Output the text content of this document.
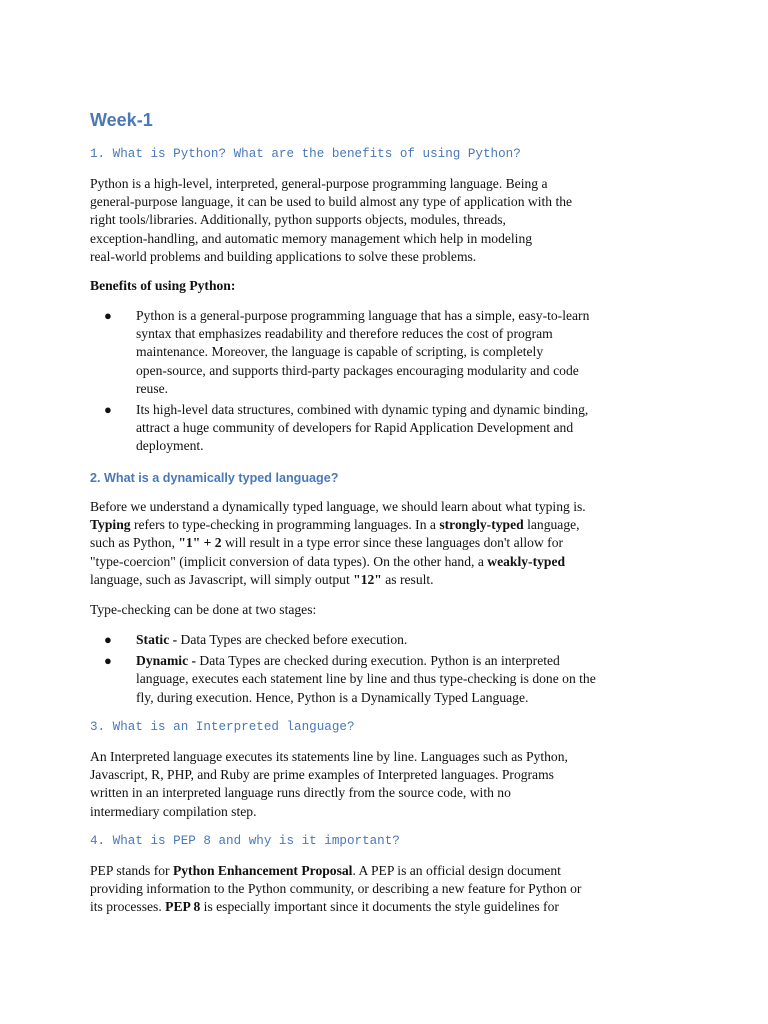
Week-1

1. What is Python? What are the benefits of using Python?

Python is a high-level, interpreted, general-purpose programming language. Being a
general-purpose language, it can be used to build almost any type of application with the
right tools/libraries. Additionally, python supports objects, modules, threads,
exception-handling, and automatic memory management which help in modeling
real-world problems and building applications to solve these problems.
Benefits of using Python:
● Python is a general-purpose programming language that has a simple, easy-to-learn
syntax that emphasizes readability and therefore reduces the cost of program
maintenance. Moreover, the language is capable of scripting, is completely
open-source, and supports third-party packages encouraging modularity and code
reuse.
● Its high-level data structures, combined with dynamic typing and dynamic binding,
attract a huge community of developers for Rapid Application Development and
deployment.

2. What is a dynamically typed language?

Before we understand a dynamically typed language, we should learn about what typing is.
Typing refers to type-checking in programming languages. In a strongly-typed language,
such as Python, "1" + 2 will result in a type error since these languages don't allow for
"type-coercion" (implicit conversion of data types). On the other hand, a weakly-typed
language, such as Javascript, will simply output "12" as result.
Type-checking can be done at two stages:
● Static - Data Types are checked before execution.
● Dynamic - Data Types are checked during execution. Python is an interpreted
language, executes each statement line by line and thus type-checking is done on the
fly, during execution. Hence, Python is a Dynamically Typed Language.

3. What is an Interpreted language?

An Interpreted language executes its statements line by line. Languages such as Python,
Javascript, R, PHP, and Ruby are prime examples of Interpreted languages. Programs
written in an interpreted language runs directly from the source code, with no
intermediary compilation step.

4. What is PEP 8 and why is it important?

PEP stands for Python Enhancement Proposal. A PEP is an official design document
providing information to the Python community, or describing a new feature for Python or
its processes. PEP 8 is especially important since it documents the style guidelines for
